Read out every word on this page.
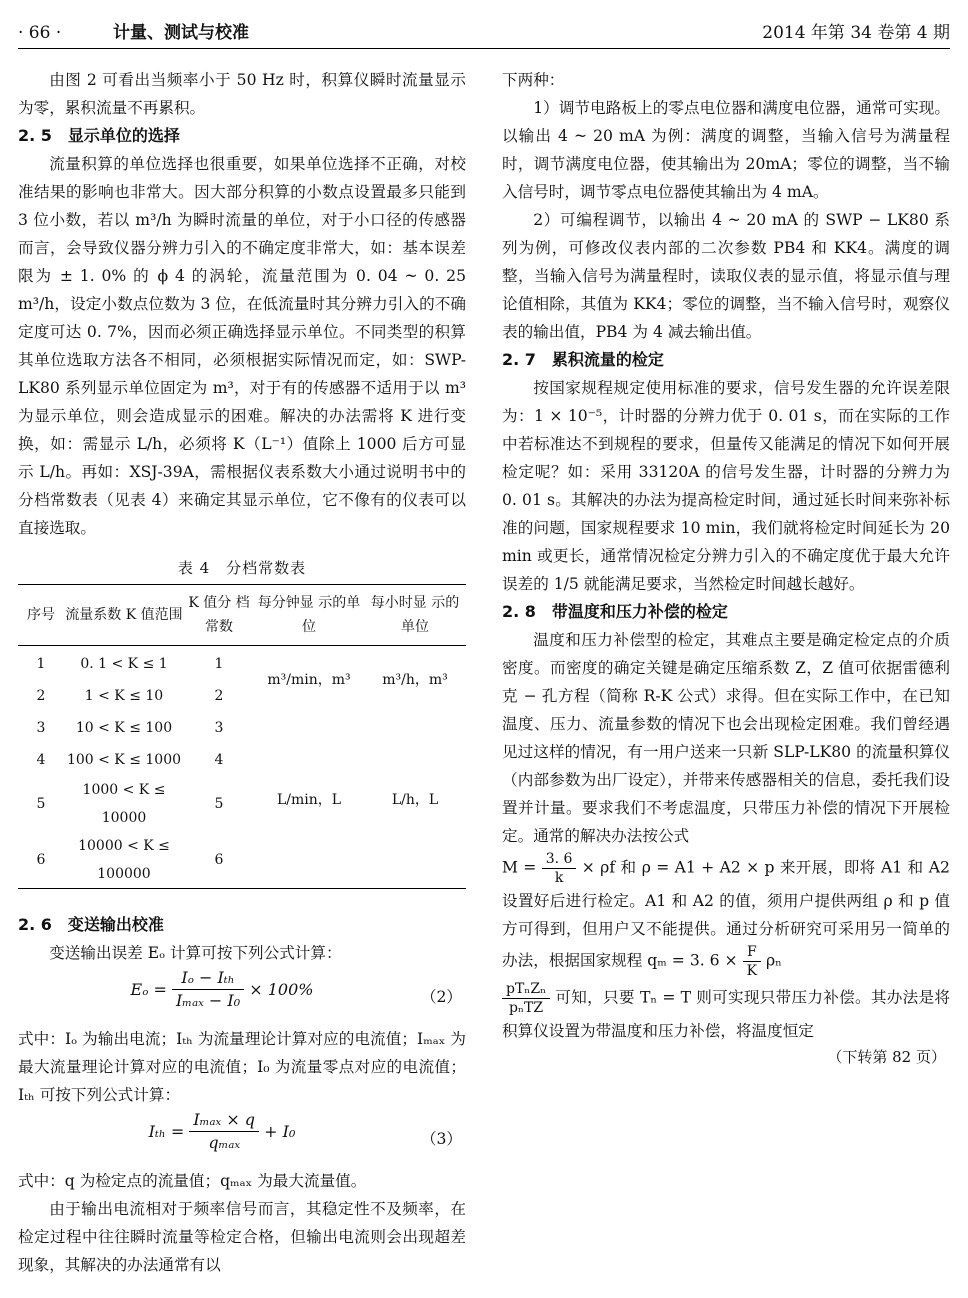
· 66 ·	计量、测试与校准	2014 年第 34 卷第 4 期

由图 2 可看出当频率小于 50 Hz 时，积算仪瞬时流量显示为零，累积流量不再累积。

2. 5　显示单位的选择

流量积算的单位选择也很重要，如果单位选择不正确，对校准结果的影响也非常大。因大部分积算的小数点设置最多只能到 3 位小数，若以 m³/h 为瞬时流量的单位，对于小口径的传感器而言，会导致仪器分辨力引入的不确定度非常大，如：基本误差限为 ± 1. 0% 的 ϕ 4 的涡轮，流量范围为 0. 04 ~ 0. 25 m³/h，设定小数点位数为 3 位，在低流量时其分辨力引入的不确定度可达 0. 7%，因而必须正确选择显示单位。不同类型的积算其单位选取方法各不相同，必须根据实际情况而定，如：SWP-LK80 系列显示单位固定为 m³，对于有的传感器不适用于以 m³ 为显示单位，则会造成显示的困难。解决的办法需将 K 进行变换，如：需显示 L/h，必须将 K（L⁻¹）值除上 1000 后方可显示 L/h。再如：XSJ-39A，需根据仪表系数大小通过说明书中的分档常数表（见表 4）来确定其显示单位，它不像有的仪表可以直接选取。

表 4　分档常数表
序号	流量系数 K 值范围	K 值分 档常数	每分钟显 示的单位	每小时显 示的单位
1	0. 1 < K ≤ 1	1	m³/min，m³	m³/h，m³
2	1 < K ≤ 10	2		
3	10 < K ≤ 100	3	L/min，L	L/h，L
4	100 < K ≤ 1000	4		
5	1000 < K ≤ 10000	5		
6	10000 < K ≤ 100000	6		
2. 6　变送输出校准

变送输出误差 Eₒ 计算可按下列公式计算：

$E_o = \frac{\text{Iₒ − Iₜₕ}}{\text{Iₘₐₓ − I₀}} \times 100\%$	（2）

式中：Iₒ 为输出电流；Iₜₕ 为流量理论计算对应的电流值；Iₘₐₓ 为最大流量理论计算对应的电流值；I₀ 为流量零点对应的电流值；Iₜₕ 可按下列公式计算：

$I_{th} = \frac{\text{Iₘₐₓ × q}}{\text{qₘₐₓ}} + I_0$	（3）

式中：q 为检定点的流量值；qₘₐₓ 为最大流量值。

由于输出电流相对于频率信号而言，其稳定性不及频率，在检定过程中往往瞬时流量等检定合格，但输出电流则会出现超差现象，其解决的办法通常有以

下两种：

1）调节电路板上的零点电位器和满度电位器，通常可实现。以输出 4 ~ 20 mA 为例：满度的调整，当输入信号为满量程时，调节满度电位器，使其输出为 20mA；零位的调整，当不输入信号时，调节零点电位器使其输出为 4 mA。

2）可编程调节，以输出 4 ~ 20 mA 的 SWP − LK80 系列为例，可修改仪表内部的二次参数 PB4 和 KK4。满度的调整，当输入信号为满量程时，读取仪表的显示值，将显示值与理论值相除，其值为 KK4；零位的调整，当不输入信号时，观察仪表的输出值，PB4 为 4 减去输出值。

2. 7　累积流量的检定

按国家规程规定使用标准的要求，信号发生器的允许误差限为：1 × 10⁻⁵，计时器的分辨力优于 0. 01 s，而在实际的工作中若标准达不到规程的要求，但量传又能满足的情况下如何开展检定呢？如：采用 33120A 的信号发生器，计时器的分辨力为 0. 01 s。其解决的办法为提高检定时间，通过延长时间来弥补标准的问题，国家规程要求 10 min，我们就将检定时间延长为 20 min 或更长，通常情况检定分辨力引入的不确定度优于最大允许误差的 1/5 就能满足要求，当然检定时间越长越好。

2. 8　带温度和压力补偿的检定

温度和压力补偿型的检定，其难点主要是确定检定点的介质密度。而密度的确定关键是确定压缩系数 Z，Z 值可依据雷德利克 − 孔方程（简称 R-K 公式）求得。但在实际工作中，在已知温度、压力、流量参数的情况下也会出现检定困难。我们曾经遇见过这样的情况，有一用户送来一只新 SLP-LK80 的流量积算仪（内部参数为出厂设定），并带来传感器相关的信息，委托我们设置并计量。要求我们不考虑温度，只带压力补偿的情况下开展检定。通常的解决办法按公式

$M = \frac{3. 6}{k} \times \rho f$ 和 ρ = A1 + A2 × p 来开展，即将 A1 和 A2 设置好后进行检定。A1 和 A2 的值，须用户提供两组 ρ 和 p 值方可得到，但用户又不能提供。通过分析研究可采用另一简单的办法，根据国家规程 qₘ = 3. $6 \times \frac{F}{K}$ ρₙ

$\frac{\text{pTₙZₙ}}{\text{pₙTZ}}$ 可知，只要 Tₙ = T 则可实现只带压力补偿。其办法是将积算仪设置为带温度和压力补偿，将温度恒定

（下转第 82 页）
